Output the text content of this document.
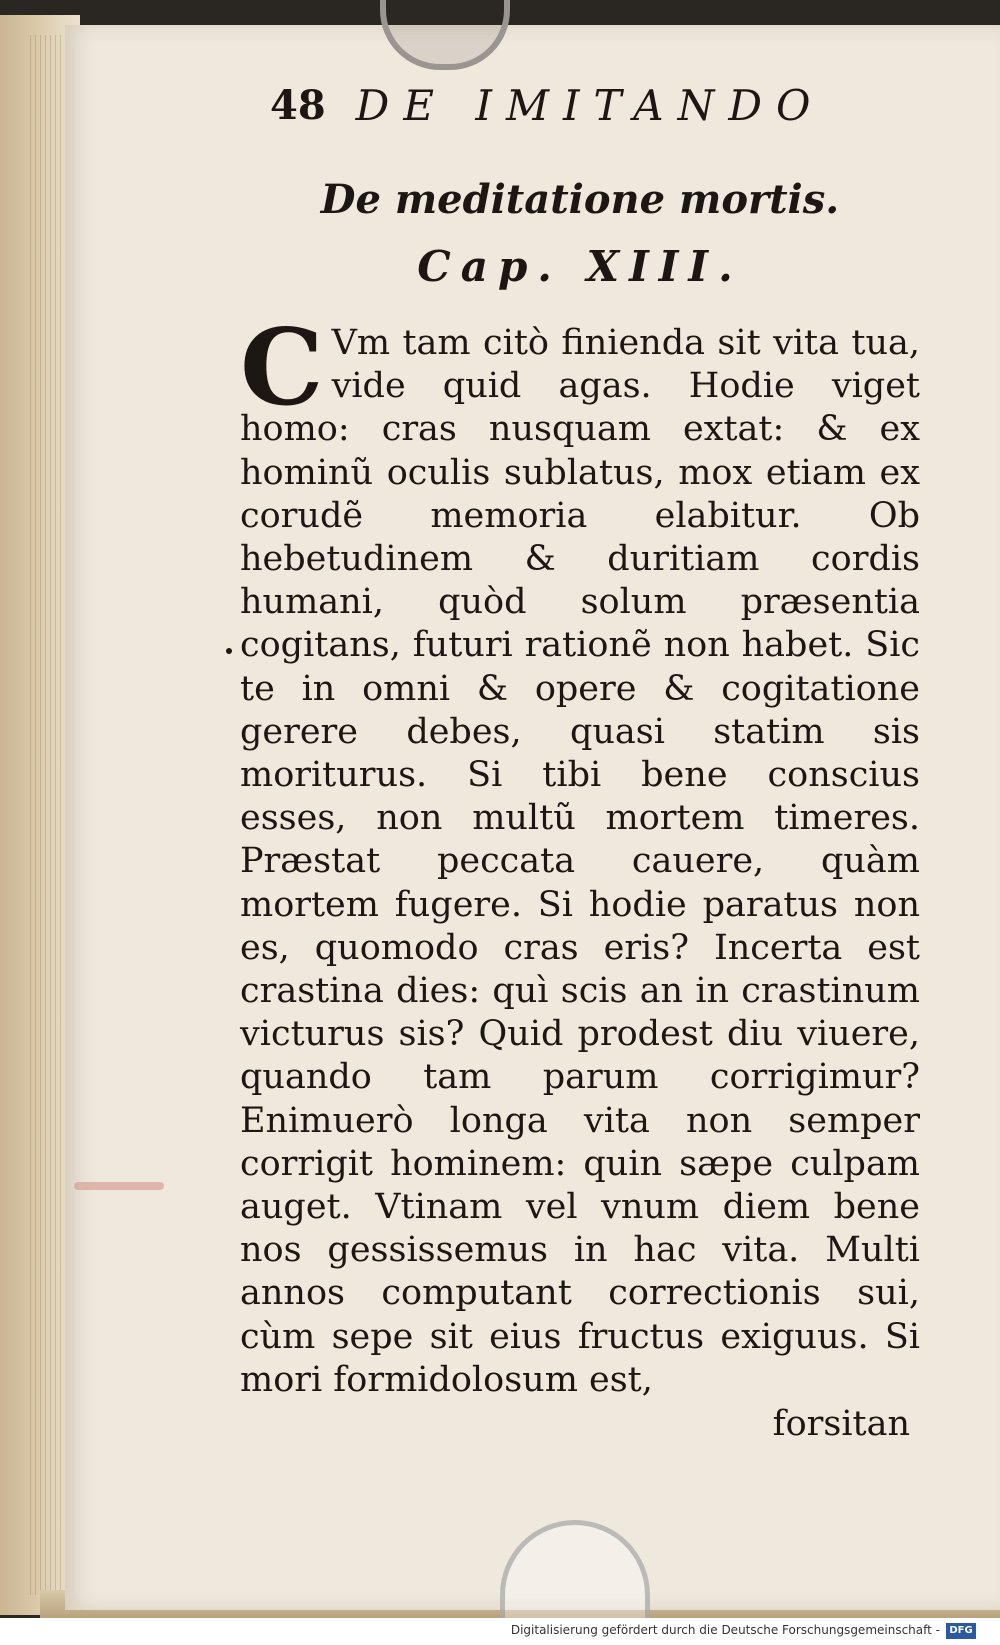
48 DE IMITANDO
De meditatione mortis.
Cap. XIII.
C Vm tam citò finienda sit vita tua, vide quid agas. Hodie viget homo: cras nusquam extat: & ex hominũ oculis sublatus, mox etiam ex corudẽ memoria elabitur. Ob hebetudinem & duritiam cordis humani, quòd solum præsentia cogitans, futuri rationẽ non habet. Sic te in omni & opere & cogitatione gerere debes, quasi statim sis moriturus. Si tibi bene conscius esses, non multũ mortem timeres. Præstat peccata cauere, quàm mortem fugere. Si hodie paratus non es, quomodo cras eris? Incerta est crastina dies: quì scis an in crastinum victurus sis? Quid prodest diu viuere, quando tam parum corrigimur? Enimuerò longa vita non semper corrigit hominem: quin sæpe culpam auget. Vtinam vel vnum diem bene nos gessissemus in hac vita. Multi annos computant correctionis sui, cùm sepe sit eius fructus exiguus. Si mori formidolosum est,

forsitan
Digitalisierung gefördert durch die Deutsche Forschungsgemeinschaft - DFG
